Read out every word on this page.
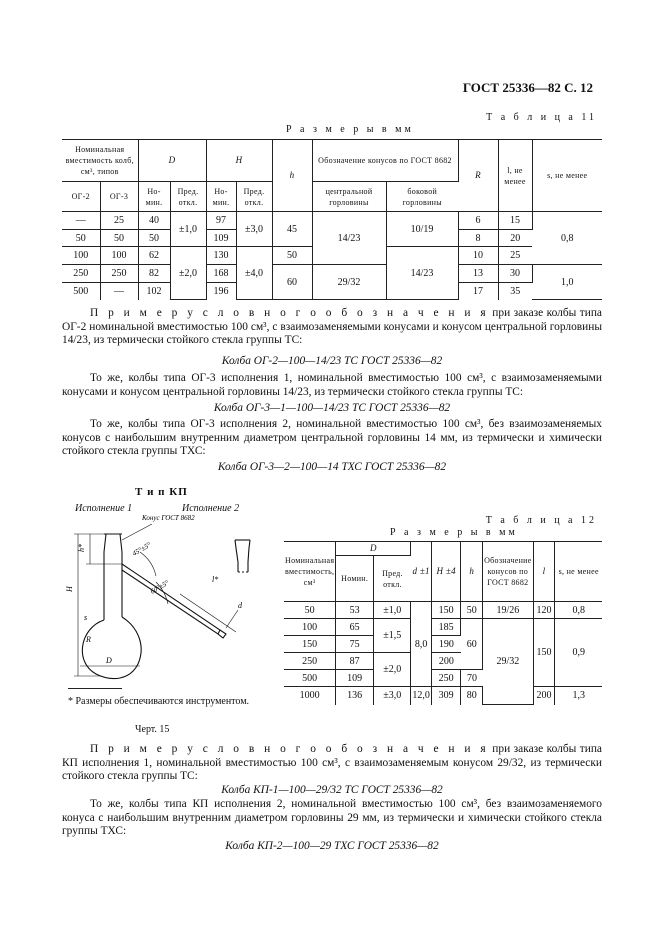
ГОСТ 25336—82 С. 12
Т а б л и ц а 11
Р а з м е р ы в мм
Номинальная вместимость колб, см³, типов		D		H		h	Обозначение конусов по ГОСТ 8682		R	l, не менее	s, не менее
ОГ-2	ОГ-3	Но-мин.	Пред. откл.	Но-мин.	Пред. откл.		центральной горловины	боковой горловины			
—	25	40	±1,0	97	±3,0	45	14/23	10/19	6	15	0,8
50	50	50		109					8	20	
100	100	62	±2,0	130	±4,0	50		14/23	10	25	
250	250	82		168		60	29/32		13	30	1,0
500	—	102		196					17	35	
П р и м е р у с л о в н о г о о б о з н а ч е н и я при заказе колбы типа ОГ-2 номинальной вместимостью 100 см³, с взаимозаменяемыми конусами и конусом центральной горловины 14/23, из термически стойкого стекла группы ТС:
Колба ОГ-2—100—14/23 ТС ГОСТ 25336—82
То же, колбы типа ОГ-3 исполнения 1, номинальной вместимостью 100 см³, с взаимозаменяемыми конусами и конусом центральной горловины 14/23, из термически стойкого стекла группы ТС:
Колба ОГ-3—1—100—14/23 ТС ГОСТ 25336—82
То же, колбы типа ОГ-3 исполнения 2, номинальной вместимостью 100 см³, без взаимозаменяемых конусов с наибольшим внутренним диаметром центральной горловины 14 мм, из термически и химически стойкого стекла группы ТХС:
Колба ОГ-3—2—100—14 ТХС ГОСТ 25336—82
Т и п КП
Исполнение 1	Исполнение 2
Конус ГОСТ 8682
45°±5°
60°±5°
h*
H
R
s
D
l*
d
* Размеры обеспечиваются инструментом.
Черт. 15
Т а б л и ц а 12
Р а з м е р ы в мм
Номинальная вместимость, см³	D		d ±1	H ±4	h	Обозначение конусов по ГОСТ 8682	l	s, не менее
	Номин.	Пред. откл.						
50	53	±1,0	8,0	150	50	19/26	120	0,8
100	65	±1,5		185	60	29/32	150	0,9
150	75			190				
250	87	±2,0		200				
500	109			250	70			
1000	136	±3,0	12,0	309	80		200	1,3
П р и м е р у с л о в н о г о о б о з н а ч е н и я при заказе колбы типа КП исполнения 1, номинальной вместимостью 100 см³, с взаимозаменяемым конусом 29/32, из термически стойкого стекла группы ТС:
Колба КП-1—100—29/32 ТС ГОСТ 25336—82
То же, колбы типа КП исполнения 2, номинальной вместимостью 100 см³, без взаимозаменяемого конуса с наибольшим внутренним диаметром горловины 29 мм, из термически и химически стойкого стекла группы ТХС:
Колба КП-2—100—29 ТХС ГОСТ 25336—82
